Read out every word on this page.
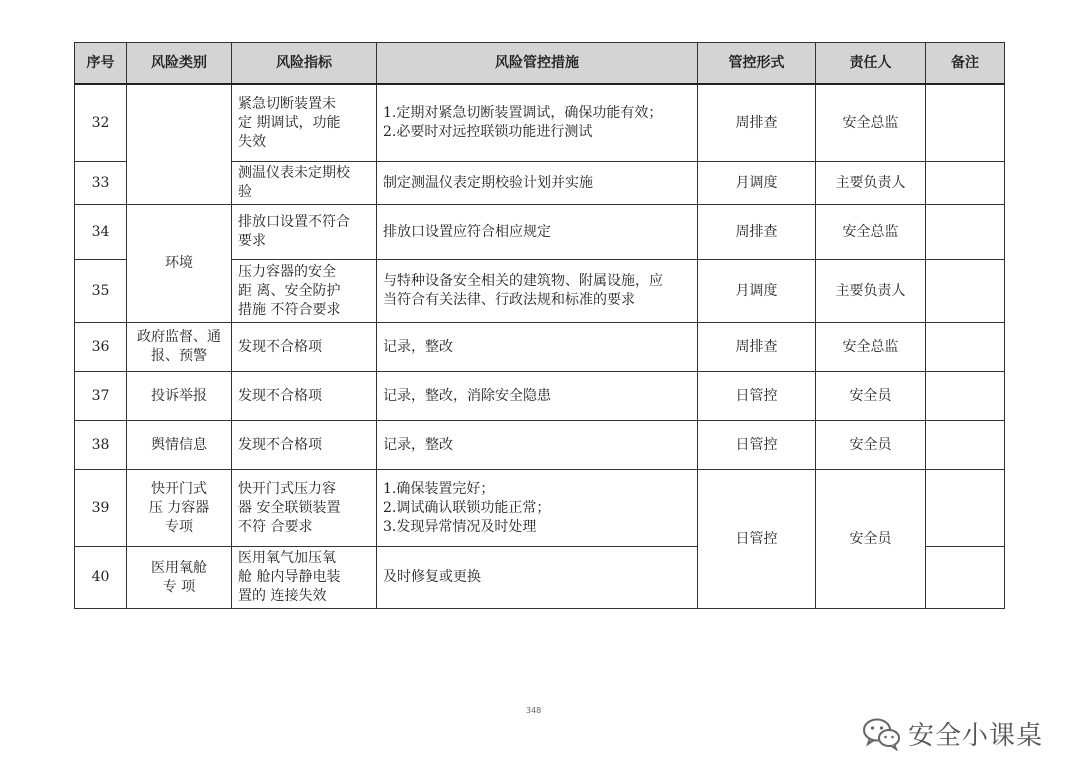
序号	风险类别	风险指标	风险管控措施	管控形式	责任人	备注
32		紧急切断装置未
定 期调试，功能
失效	1.定期对紧急切断装置调试，确保功能有效；
2.必要时对远控联锁功能进行测试	周排查	安全总监	
33		测温仪表未定期校
验	制定测温仪表定期校验计划并实施	月调度	主要负责人	
34	环境	排放口设置不符合
要求	排放口设置应符合相应规定	周排查	安全总监	
35		压力容器的安全
距 离、安全防护
措施 不符合要求	与特种设备安全相关的建筑物、附属设施，应
当符合有关法律、行政法规和标准的要求	月调度	主要负责人	
36	政府监督、通
报、预警	发现不合格项	记录，整改	周排查	安全总监	
37	投诉举报	发现不合格项	记录，整改，消除安全隐患	日管控	安全员	
38	舆情信息	发现不合格项	记录，整改	日管控	安全员	
39	快开门式
压 力容器
专项	快开门式压力容
器 安全联锁装置
不符 合要求	1.确保装置完好；
2.调试确认联锁功能正常；
3.发现异常情况及时处理	日管控	安全员	
40	医用氧舱
专 项	医用氧气加压氧
舱 舱内导静电装
置的 连接失效	及时修复或更换			
348
安全小课桌
